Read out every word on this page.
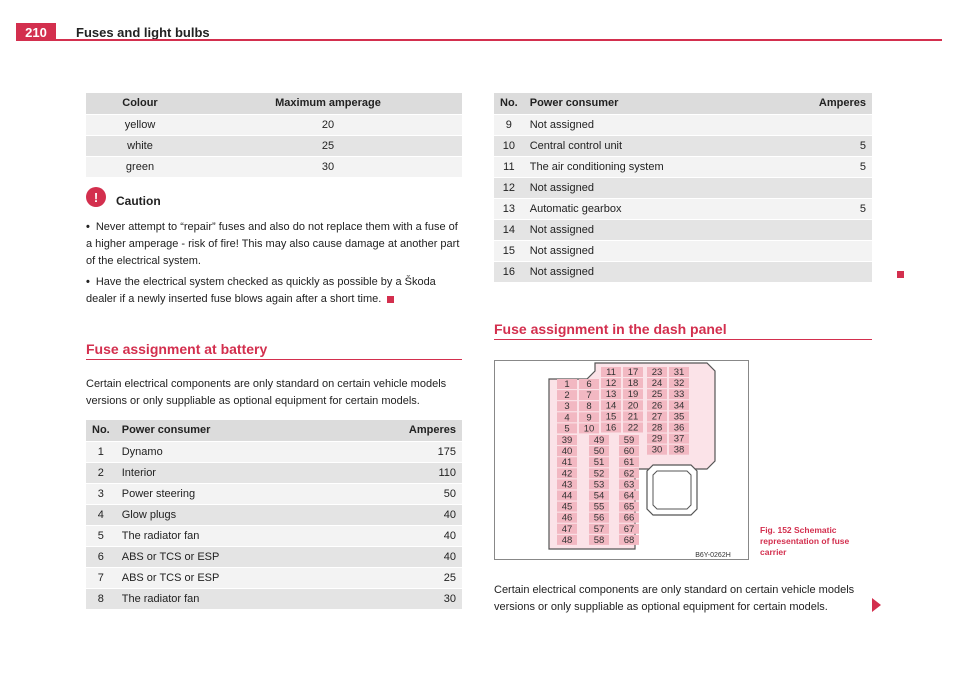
210	Fuses and light bulbs
Colour	Maximum amperage
yellow	20
white	25
green	30
!	Caution

• Never attempt to “repair” fuses and also do not replace them with a fuse of a higher amperage - risk of fire! This may also cause damage at another part of the electrical system.

• Have the electrical system checked as quickly as possible by a Škoda dealer if a newly inserted fuse blows again after a short time.

Fuse assignment at battery
Certain electrical components are only standard on certain vehicle models versions or only suppliable as optional equipment for certain models.
No.	Power consumer	Amperes
1	Dynamo	175
2	Interior	110
3	Power steering	50
4	Glow plugs	40
5	The radiator fan	40
6	ABS or TCS or ESP	40
7	ABS or TCS or ESP	25
8	The radiator fan	30
No.	Power consumer	Amperes
9	Not assigned	
10	Central control unit	5
11	The air conditioning system	5
12	Not assigned	
13	Automatic gearbox	5
14	Not assigned	
15	Not assigned	
16	Not assigned	
Fuse assignment in the dash panel
1
2
3
4
5
6
7
8
9
10
11
12
13
14
15
16
17
18
19
20
21
22
23
24
25
26
27
28
29
30
31
32
33
34
35
36
37
38
39
40
41
42
43
44
45
46
47
48
49
50
51
52
53
54
55
56
57
58
59
60
61
62
63
64
65
66
67
68
B6Y-0262H
Fig. 152 Schematic representation of fuse carrier
Certain electrical components are only standard on certain vehicle models versions or only suppliable as optional equipment for certain models.
